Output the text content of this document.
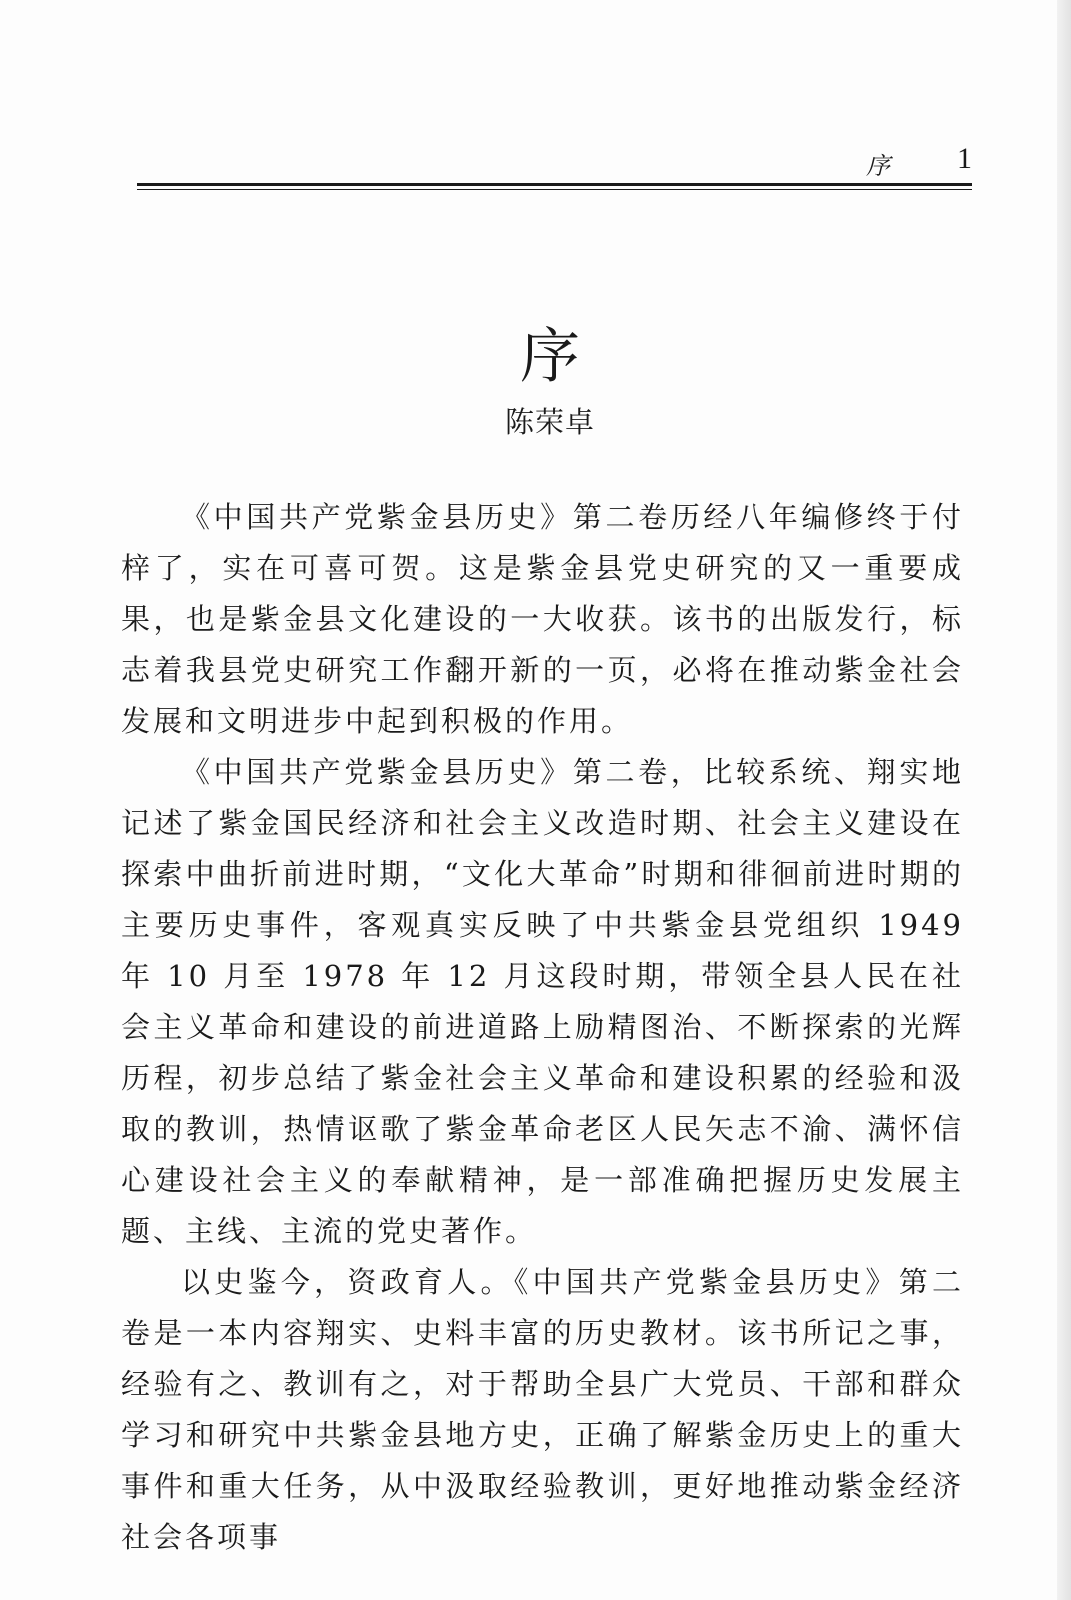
序 1
序
陈荣卓

《中国共产党紫金县历史》第二卷历经八年编修终于付梓了，实在可喜可贺。这是紫金县党史研究的又一重要成果，也是紫金县文化建设的一大收获。该书的出版发行，标志着我县党史研究工作翻开新的一页，必将在推动紫金社会发展和文明进步中起到积极的作用。

《中国共产党紫金县历史》第二卷，比较系统、翔实地记述了紫金国民经济和社会主义改造时期、社会主义建设在探索中曲折前进时期，“文化大革命”时期和徘徊前进时期的主要历史事件，客观真实反映了中共紫金县党组织 1949 年 10 月至 1978 年 12 月这段时期，带领全县人民在社会主义革命和建设的前进道路上励精图治、不断探索的光辉历程，初步总结了紫金社会主义革命和建设积累的经验和汲取的教训，热情讴歌了紫金革命老区人民矢志不渝、满怀信心建设社会主义的奉献精神，是一部准确把握历史发展主题、主线、主流的党史著作。

以史鉴今，资政育人。《中国共产党紫金县历史》第二卷是一本内容翔实、史料丰富的历史教材。该书所记之事，经验有之、教训有之，对于帮助全县广大党员、干部和群众学习和研究中共紫金县地方史，正确了解紫金历史上的重大事件和重大任务，从中汲取经验教训，更好地推动紫金经济社会各项事
